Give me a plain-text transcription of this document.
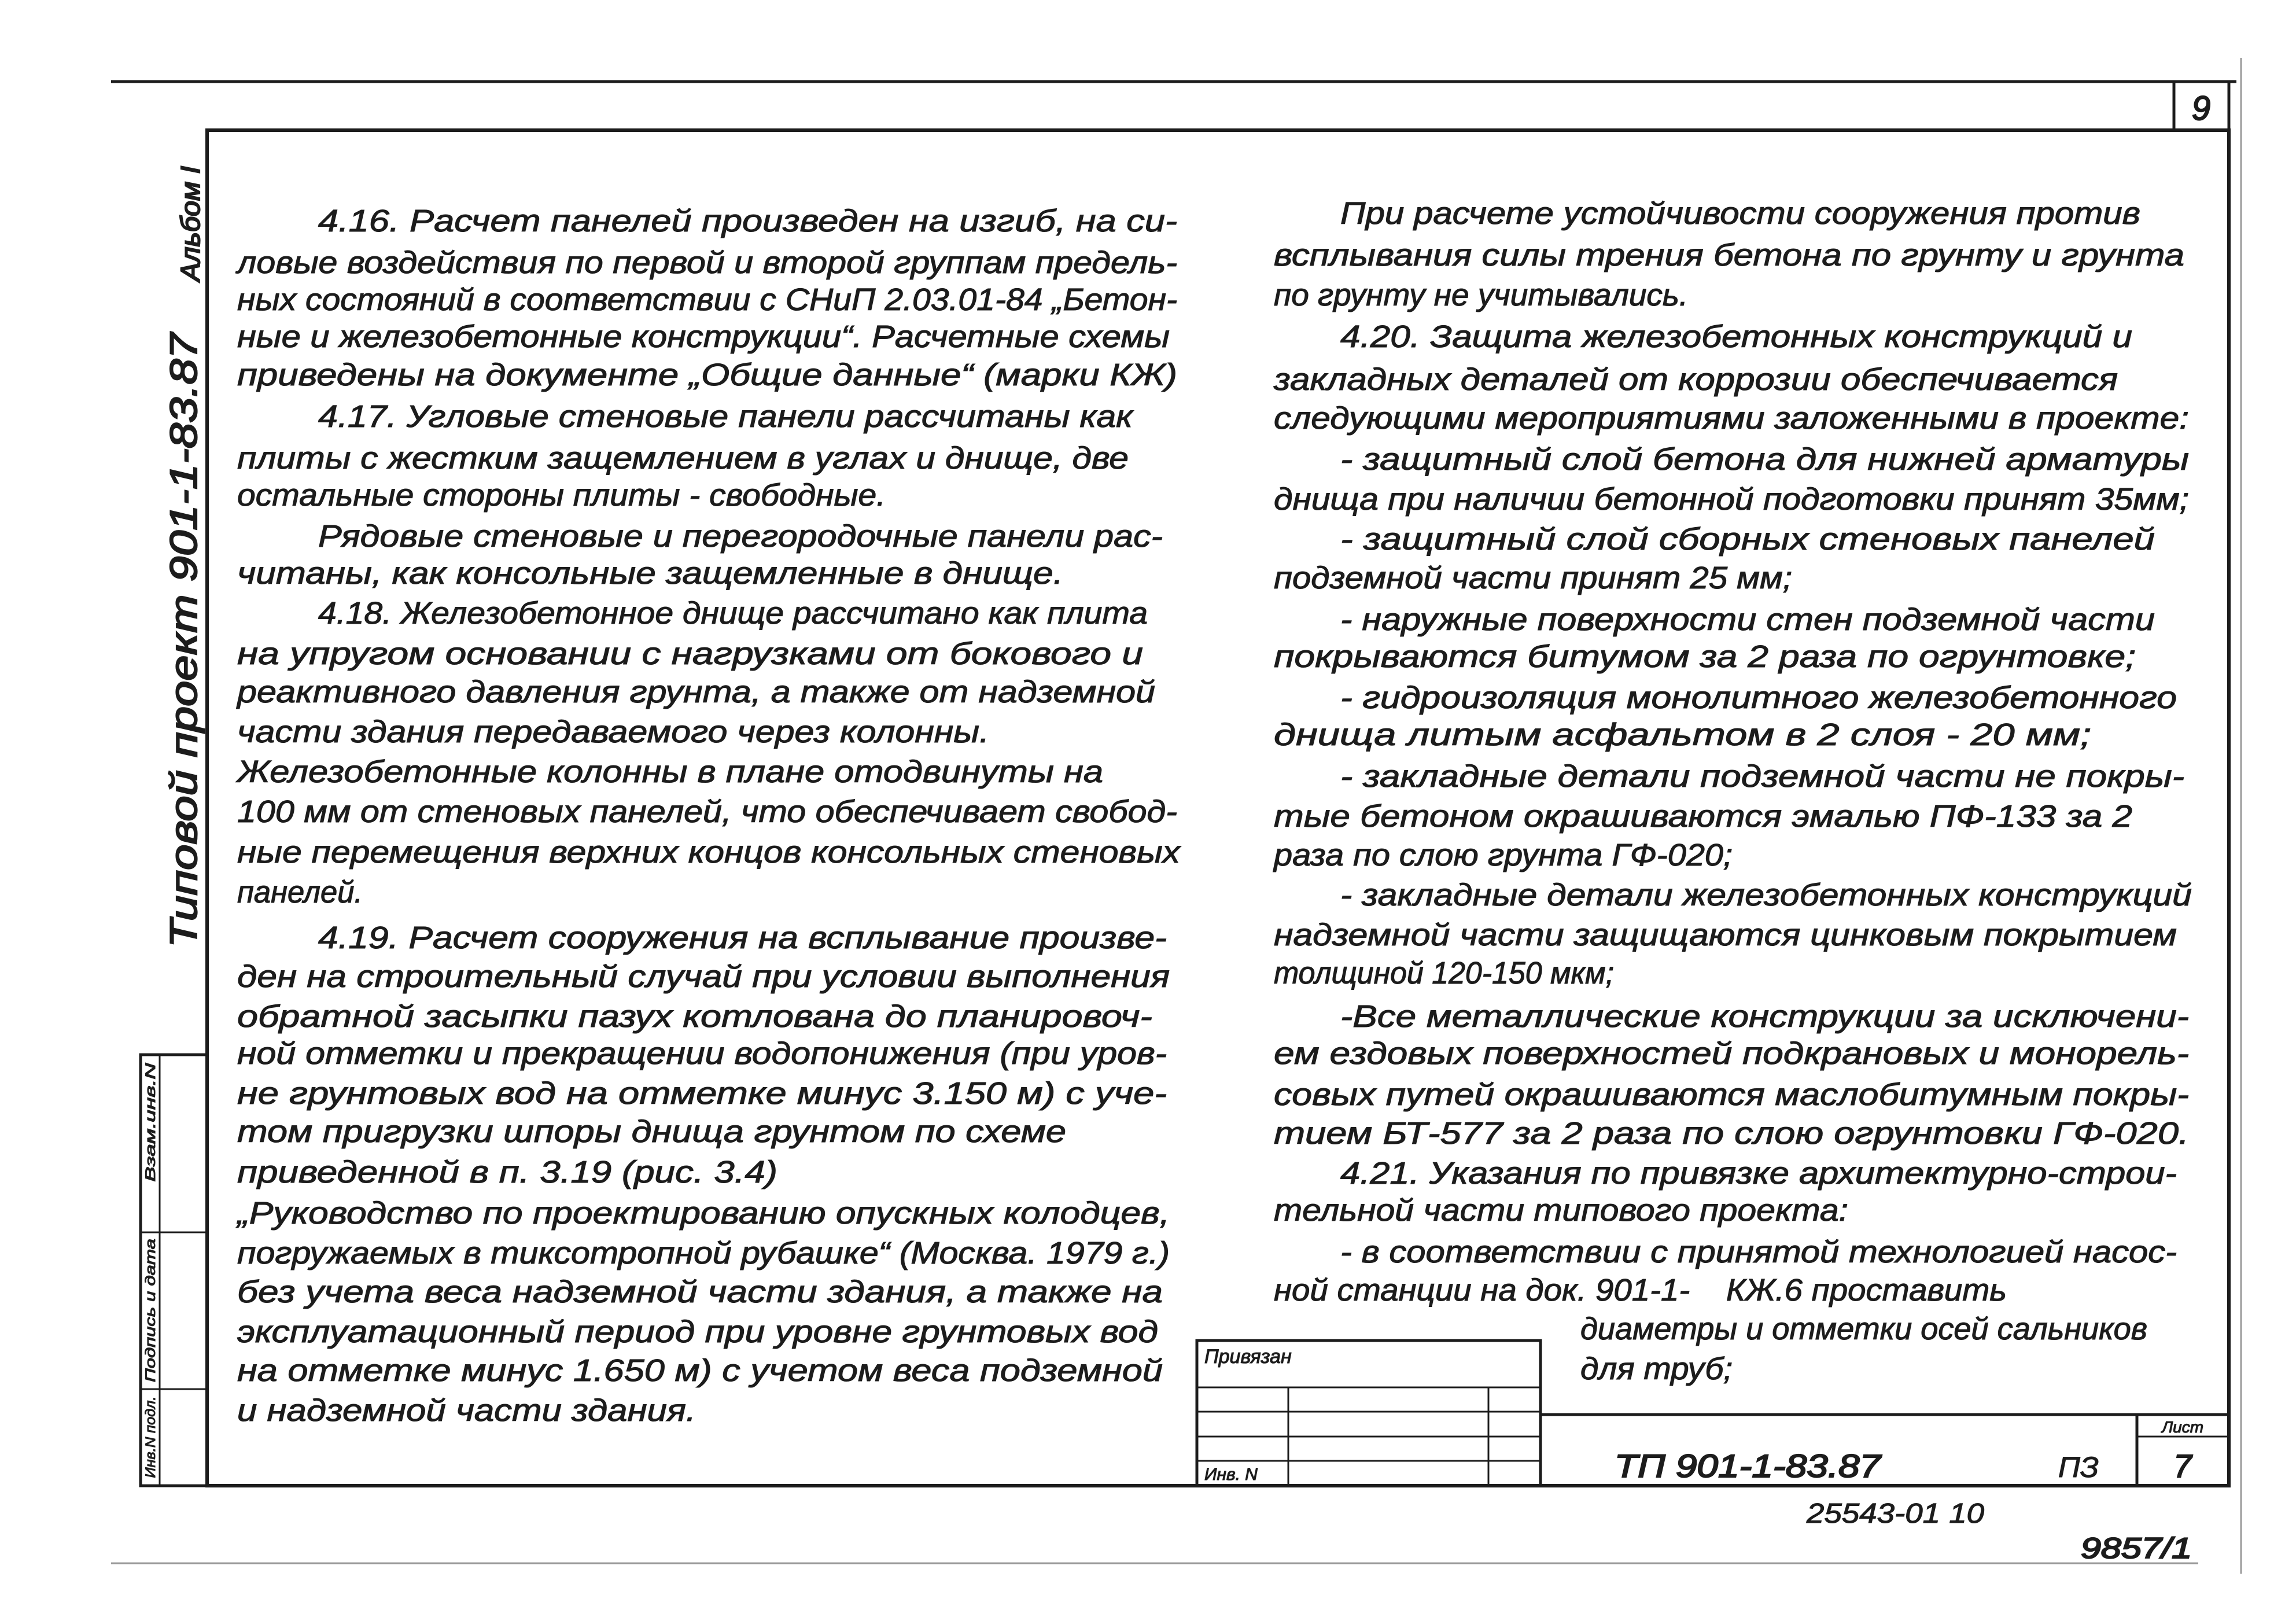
9
Типовой проект 901-1-83.87
Альбом I
Взам.инв.N
Подпись и дата
Инв.N подл.
4.16. Расчет панелей произведен на изгиб, на си-
ловые воздействия по первой и второй группам предель-
ных состояний в соответствии с СНиП 2.03.01-84 „Бетон-
ные и железобетонные конструкции“. Расчетные схемы
приведены на документе „Общие данные“ (марки КЖ)
4.17. Угловые стеновые панели рассчитаны как
плиты с жестким защемлением в углах и днище, две
остальные стороны плиты - свободные.
Рядовые стеновые и перегородочные панели рас-
читаны, как консольные защемленные в днище.
4.18. Железобетонное днище рассчитано как плита
на упругом основании с нагрузками от бокового и
реактивного давления грунта, а также от надземной
части здания передаваемого через колонны.
Железобетонные колонны в плане отодвинуты на
100 мм от стеновых панелей, что обеспечивает свобод-
ные перемещения верхних концов консольных стеновых
панелей.
4.19. Расчет сооружения на всплывание произве-
ден на строительный случай при условии выполнения
обратной засыпки пазух котлована до планировоч-
ной отметки и прекращении водопонижения (при уров-
не грунтовых вод на отметке минус 3.150 м) с уче-
том пригрузки шпоры днища грунтом по схеме
приведенной в п. 3.19 (рис. 3.4)
„Руководство по проектированию опускных колодцев,
погружаемых в тиксотропной рубашке“ (Москва. 1979 г.)
без учета веса надземной части здания, а также на
эксплуатационный период при уровне грунтовых вод
на отметке минус 1.650 м) с учетом веса подземной
и надземной части здания.
При расчете устойчивости сооружения против
всплывания силы трения бетона по грунту и грунта
по грунту не учитывались.
4.20. Защита железобетонных конструкций и
закладных деталей от коррозии обеспечивается
следующими мероприятиями заложенными в проекте:
- защитный слой бетона для нижней арматуры
днища при наличии бетонной подготовки принят 35мм;
- защитный слой сборных стеновых панелей
подземной части принят 25 мм;
- наружные поверхности стен подземной части
покрываются битумом за 2 раза по огрунтовке;
- гидроизоляция монолитного железобетонного
днища литым асфальтом в 2 слоя - 20 мм;
- закладные детали подземной части не покры-
тые бетоном окрашиваются эмалью ПФ-133 за 2
раза по слою грунта ГФ-020;
- закладные детали железобетонных конструкций
надземной части защищаются цинковым покрытием
толщиной 120-150 мкм;
-Все металлические конструкции за исключени-
ем ездовых поверхностей подкрановых и монорель-
совых путей окрашиваются маслобитумным покры-
тием БТ-577 за 2 раза по слою огрунтовки ГФ-020.
4.21. Указания по привязке архитектурно-строи-
тельной части типового проекта:
- в соответствии с принятой технологией насос-
ной станции на док. 901-1-    КЖ.6 проставить
диаметры и отметки осей сальников
для труб;
Привязан
Инв. N	ТП 901-1-83.87	ПЗ
Лист
7
25543-01 10
9857/1
